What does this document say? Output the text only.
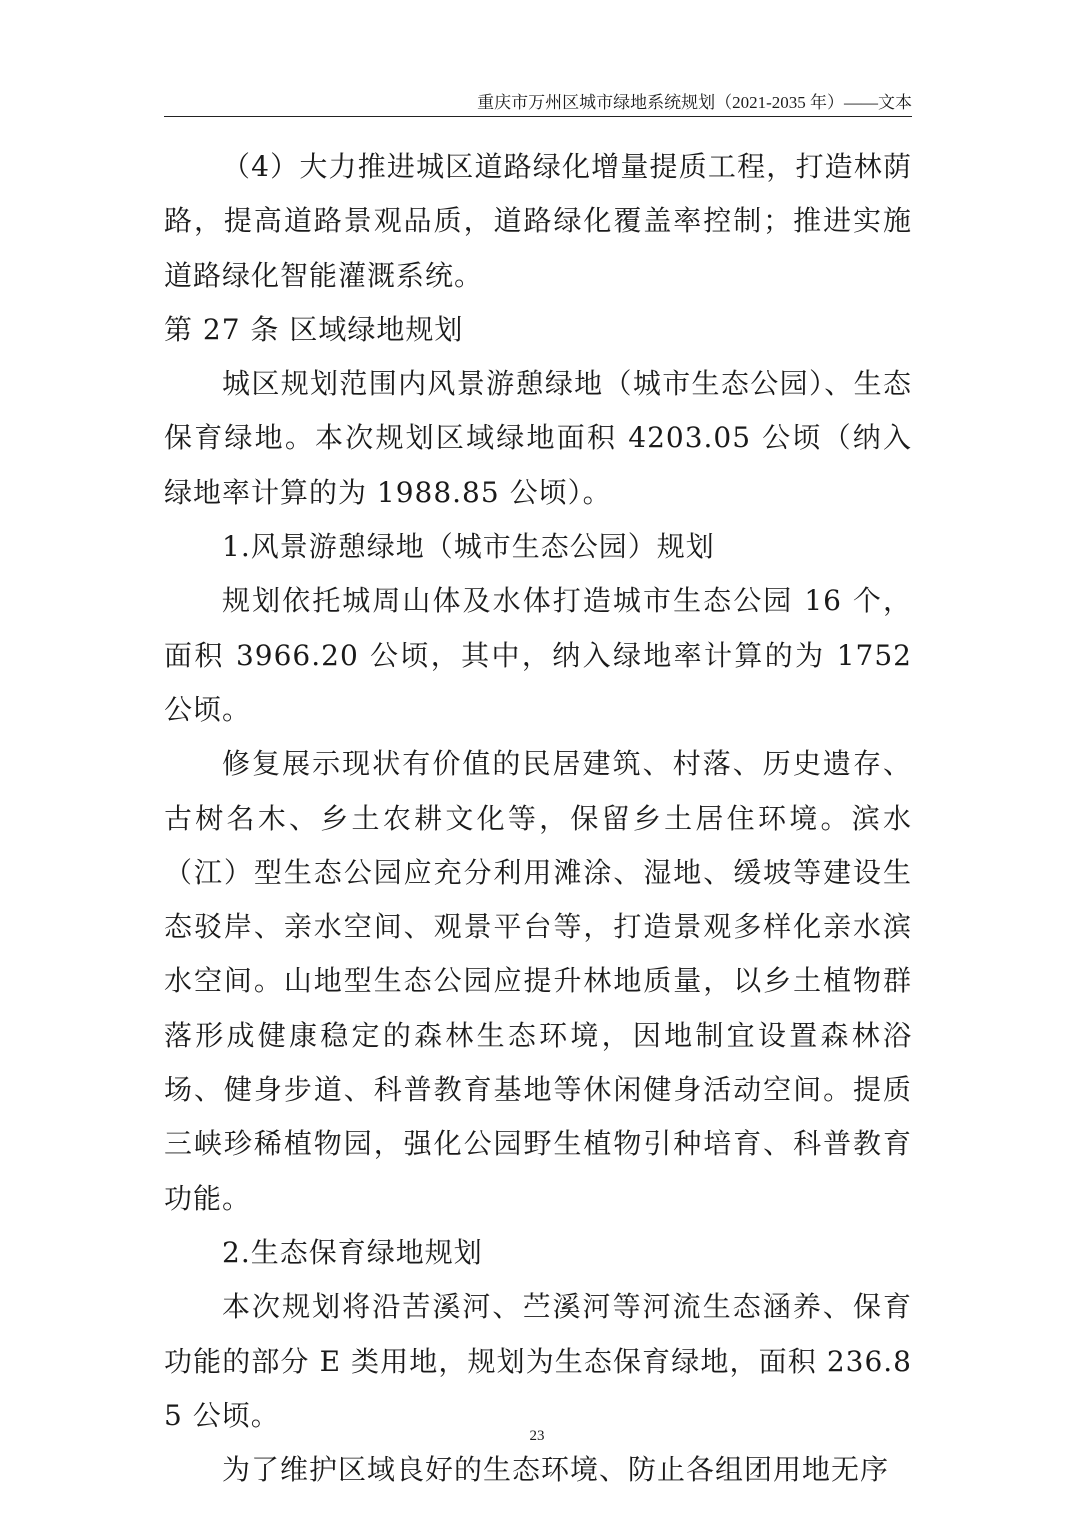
重庆市万州区城市绿地系统规划（2021-2035 年）——文本

（4）大力推进城区道路绿化增量提质工程，打造林荫路，提高道路景观品质，道路绿化覆盖率控制；推进实施道路绿化智能灌溉系统。

第 27 条 区域绿地规划

城区规划范围内风景游憩绿地（城市生态公园）、生态保育绿地。本次规划区域绿地面积 4203.05 公顷（纳入绿地率计算的为 1988.85 公顷）。

1.风景游憩绿地（城市生态公园）规划

规划依托城周山体及水体打造城市生态公园 16 个，面积 3966.20 公顷，其中，纳入绿地率计算的为 1752 公顷。

修复展示现状有价值的民居建筑、村落、历史遗存、古树名木、乡土农耕文化等，保留乡土居住环境。滨水（江）型生态公园应充分利用滩涂、湿地、缓坡等建设生态驳岸、亲水空间、观景平台等，打造景观多样化亲水滨水空间。山地型生态公园应提升林地质量，以乡土植物群落形成健康稳定的森林生态环境，因地制宜设置森林浴场、健身步道、科普教育基地等休闲健身活动空间。提质三峡珍稀植物园，强化公园野生植物引种培育、科普教育功能。

2.生态保育绿地规划

本次规划将沿苦溪河、苎溪河等河流生态涵养、保育功能的部分 E 类用地，规划为生态保育绿地，面积 236.85 公顷。

为了维护区域良好的生态环境、防止各组团用地无序

23
